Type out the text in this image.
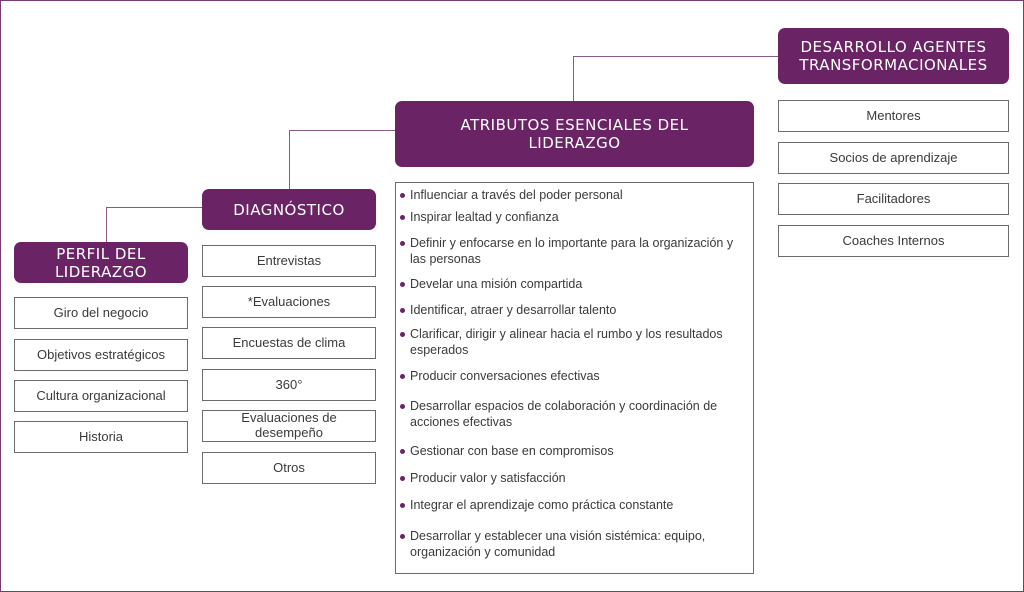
PERFIL DEL LIDERAZGO
Giro del negocio
Objetivos estratégicos
Cultura organizacional
Historia
DIAGNÓSTICO
Entrevistas
*Evaluaciones
Encuestas de clima
360°
Evaluaciones de desempeño
Otros
ATRIBUTOS ESENCIALES DEL LIDERAZGO
Influenciar a través del poder personal
Inspirar lealtad y confianza
Definir y enfocarse en lo importante para la organización y las personas
Develar una misión compartida
Identificar, atraer y desarrollar talento
Clarificar, dirigir y alinear hacia el rumbo y los resultados esperados
Producir conversaciones efectivas
Desarrollar espacios de colaboración y coordinación de acciones efectivas
Gestionar con base en compromisos
Producir valor y satisfacción
Integrar el aprendizaje como práctica constante
Desarrollar y establecer una visión sistémica: equipo, organización y comunidad
DESARROLLO AGENTES TRANSFORMACIONALES
Mentores
Socios de aprendizaje
Facilitadores
Coaches Internos
